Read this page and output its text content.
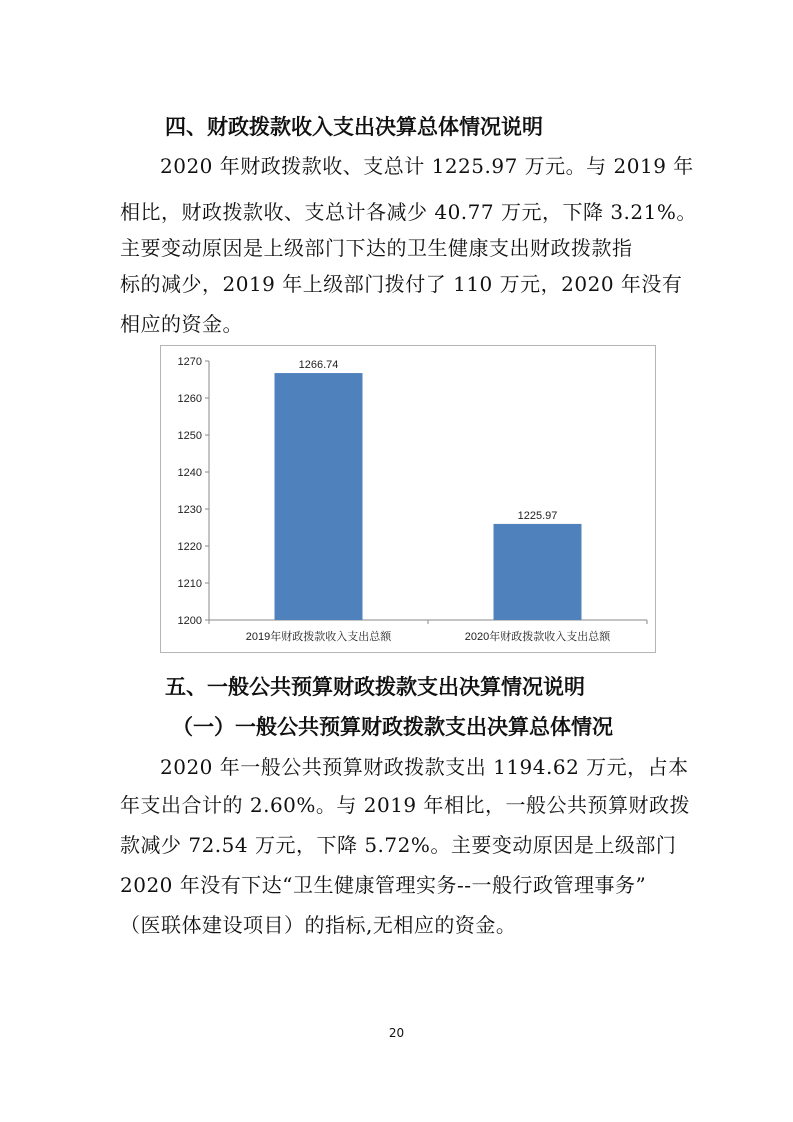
四、财政拨款收入支出决算总体情况说明
2020 年财政拨款收、支总计 1225.97 万元。与 2019 年
相比，财政拨款收、支总计各减少 40.77 万元，下降 3.21%。
主要变动原因是上级部门下达的卫生健康支出财政拨款指
标的减少，2019 年上级部门拨付了 110 万元，2020 年没有
相应的资金。
1200
1210
1220
1230
1240
1250
1260
1270	1266.74
2019年财政拨款收入支出总额
1225.97
2020年财政拨款收入支出总额
五、一般公共预算财政拨款支出决算情况说明
（一）一般公共预算财政拨款支出决算总体情况
2020 年一般公共预算财政拨款支出 1194.62 万元，占本
年支出合计的 2.60%。与 2019 年相比，一般公共预算财政拨
款减少 72.54 万元，下降 5.72%。主要变动原因是上级部门
2020 年没有下达“卫生健康管理实务--一般行政管理事务”
（医联体建设项目）的指标,无相应的资金。
20
